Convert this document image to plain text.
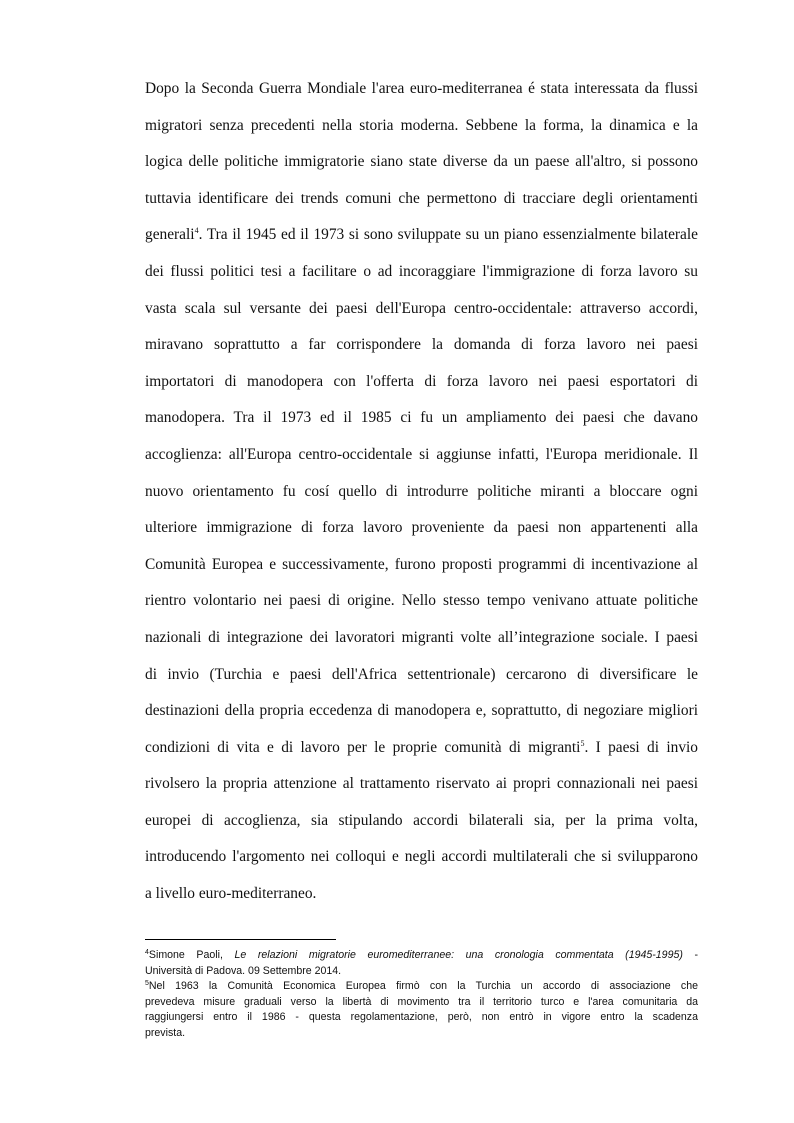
Dopo la Seconda Guerra Mondiale l'area euro-mediterranea é stata interessata da flussi
migratori senza precedenti nella storia moderna. Sebbene la forma, la dinamica e la
logica delle politiche immigratorie siano state diverse da un paese all'altro, si possono
tuttavia identificare dei trends comuni che permettono di tracciare degli orientamenti
generali$^4$. Tra il 1945 ed il 1973 si sono sviluppate su un piano essenzialmente bilaterale
dei flussi politici tesi a facilitare o ad incoraggiare l'immigrazione di forza lavoro su
vasta scala sul versante dei paesi dell'Europa centro-occidentale: attraverso accordi,
miravano soprattutto a far corrispondere la domanda di forza lavoro nei paesi
importatori di manodopera con l'offerta di forza lavoro nei paesi esportatori di
manodopera. Tra il 1973 ed il 1985 ci fu un ampliamento dei paesi che davano
accoglienza: all'Europa centro-occidentale si aggiunse infatti, l'Europa meridionale. Il
nuovo orientamento fu cosí quello di introdurre politiche miranti a bloccare ogni
ulteriore immigrazione di forza lavoro proveniente da paesi non appartenenti alla
Comunità Europea e successivamente, furono proposti programmi di incentivazione al
rientro volontario nei paesi di origine. Nello stesso tempo venivano attuate politiche
nazionali di integrazione dei lavoratori migranti volte all’integrazione sociale. I paesi
di invio (Turchia e paesi dell'Africa settentrionale) cercarono di diversificare le
destinazioni della propria eccedenza di manodopera e, soprattutto, di negoziare migliori
condizioni di vita e di lavoro per le proprie comunità di migranti$^5$. I paesi di invio
rivolsero la propria attenzione al trattamento riservato ai propri connazionali nei paesi
europei di accoglienza, sia stipulando accordi bilaterali sia, per la prima volta,
introducendo l'argomento nei colloqui e negli accordi multilaterali che si svilupparono
a livello euro-mediterraneo.
$^4$Simone Paoli, Le relazioni migratorie euromediterranee: una cronologia commentata (1945-1995) -
Università di Padova. 09 Settembre 2014.
$^5$Nel 1963 la Comunità Economica Europea firmò con la Turchia un accordo di associazione che
prevedeva misure graduali verso la libertà di movimento tra il territorio turco e l'area comunitaria da
raggiungersi entro il 1986 - questa regolamentazione, però, non entrò in vigore entro la scadenza
prevista.
